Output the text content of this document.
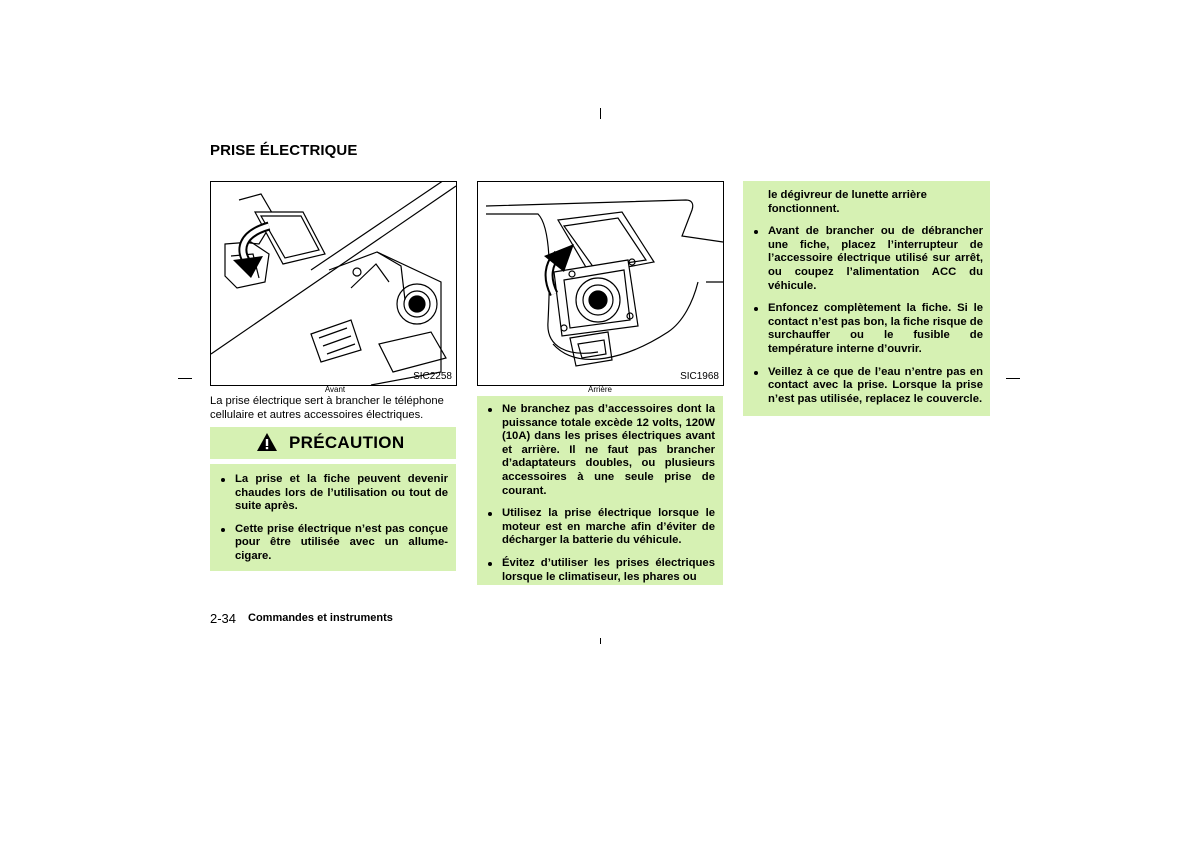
PRISE ÉLECTRIQUE
SIC2258
Avant
SIC1968
Arrière
La prise électrique sert à brancher le téléphone cellulaire et autres accessoires électriques.
PRÉCAUTION
La prise et la fiche peuvent devenir chaudes lors de l’utilisation ou tout de suite après.
Cette prise électrique n’est pas conçue pour être utilisée avec un allume-cigare.
Ne branchez pas d’accessoires dont la puissance totale excède 12 volts, 120W (10A) dans les prises électriques avant et arrière. Il ne faut pas brancher d’adaptateurs doubles, ou plusieurs accessoires à une seule prise de courant.
Utilisez la prise électrique lorsque le moteur est en marche afin d’éviter de décharger la batterie du véhicule.
Évitez d’utiliser les prises électriques lorsque le climatiseur, les phares ou
le dégivreur de lunette arrière fonctionnent.
Avant de brancher ou de débrancher une fiche, placez l’interrupteur de l’accessoire électrique utilisé sur arrêt, ou coupez l’alimentation ACC du véhicule.
Enfoncez complètement la fiche. Si le contact n’est pas bon, la fiche risque de surchauffer ou le fusible de température interne d’ouvrir.
Veillez à ce que de l’eau n’entre pas en contact avec la prise. Lorsque la prise n’est pas utilisée, replacez le couvercle.
2-34 Commandes et instruments
